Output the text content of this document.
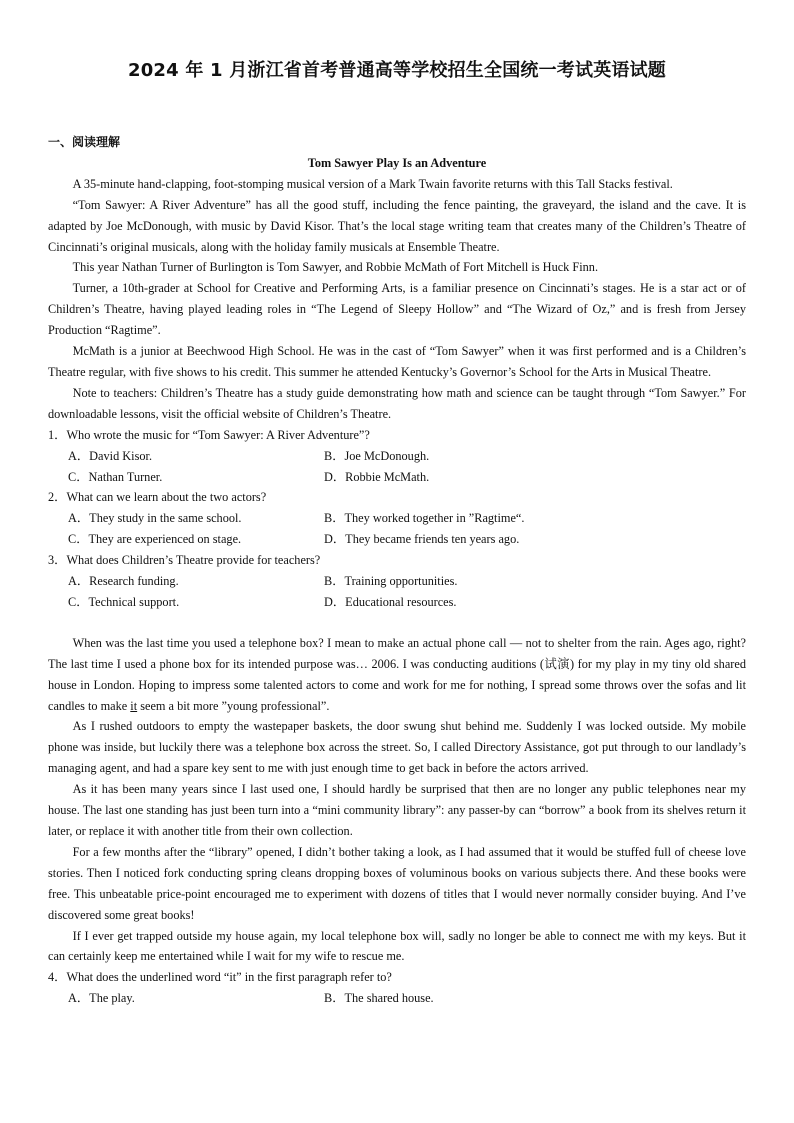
2024 年 1 月浙江省首考普通高等学校招生全国统一考试英语试题

一、阅读理解

Tom Sawyer Play Is an Adventure

A 35-minute hand-clapping, foot-stomping musical version of a Mark Twain favorite returns with this Tall Stacks festival.

“Tom Sawyer: A River Adventure” has all the good stuff, including the fence painting, the graveyard, the island and the cave. It is adapted by Joe McDonough, with music by David Kisor. That’s the local stage writing team that creates many of the Children’s Theatre of Cincinnati’s original musicals, along with the holiday family musicals at Ensemble Theatre.

This year Nathan Turner of Burlington is Tom Sawyer, and Robbie McMath of Fort Mitchell is Huck Finn.

Turner, a 10th-grader at School for Creative and Performing Arts, is a familiar presence on Cincinnati’s stages. He is a star act or of Children’s Theatre, having played leading roles in “The Legend of Sleepy Hollow” and “The Wizard of Oz,” and is fresh from Jersey Production “Ragtime”.

McMath is a junior at Beechwood High School. He was in the cast of “Tom Sawyer” when it was first performed and is a Children’s Theatre regular, with five shows to his credit. This summer he attended Kentucky’s Governor’s School for the Arts in Musical Theatre.

Note to teachers: Children’s Theatre has a study guide demonstrating how math and science can be taught through “Tom Sawyer.” For downloadable lessons, visit the official website of Children’s Theatre.

1．Who wrote the music for “Tom Sawyer: A River Adventure”?

A．David Kisor.	B．Joe McDonough.
C．Nathan Turner.	D．Robbie McMath.

2．What can we learn about the two actors?

A．They study in the same school.	B．They worked together in ”Ragtime“.
C．They are experienced on stage.	D．They became friends ten years ago.

3．What does Children’s Theatre provide for teachers?

A．Research funding.	B．Training opportunities.
C．Technical support.	D．Educational resources.

When was the last time you used a telephone box? I mean to make an actual phone call — not to shelter from the rain. Ages ago, right? The last time I used a phone box for its intended purpose was… 2006. I was conducting auditions (试演) for my play in my tiny old shared house in London. Hoping to impress some talented actors to come and work for me for nothing, I spread some throws over the sofas and lit candles to make it seem a bit more ”young professional”.

As I rushed outdoors to empty the wastepaper baskets, the door swung shut behind me. Suddenly I was locked outside. My mobile phone was inside, but luckily there was a telephone box across the street. So, I called Directory Assistance, got put through to our landlady’s managing agent, and had a spare key sent to me with just enough time to get back in before the actors arrived.

As it has been many years since I last used one, I should hardly be surprised that then are no longer any public telephones near my house. The last one standing has just been turn into a “mini community library”: any passer-by can “borrow” a book from its shelves return it later, or replace it with another title from their own collection.

For a few months after the “library” opened, I didn’t bother taking a look, as I had assumed that it would be stuffed full of cheese love stories. Then I noticed fork conducting spring cleans dropping boxes of voluminous books on various subjects there. And these books were free. This unbeatable price-point encouraged me to experiment with dozens of titles that I would never normally consider buying. And I’ve discovered some great books!

If I ever get trapped outside my house again, my local telephone box will, sadly no longer be able to connect me with my keys. But it can certainly keep me entertained while I wait for my wife to rescue me.

4．What does the underlined word “it” in the first paragraph refer to?

A．The play.	B．The shared house.
